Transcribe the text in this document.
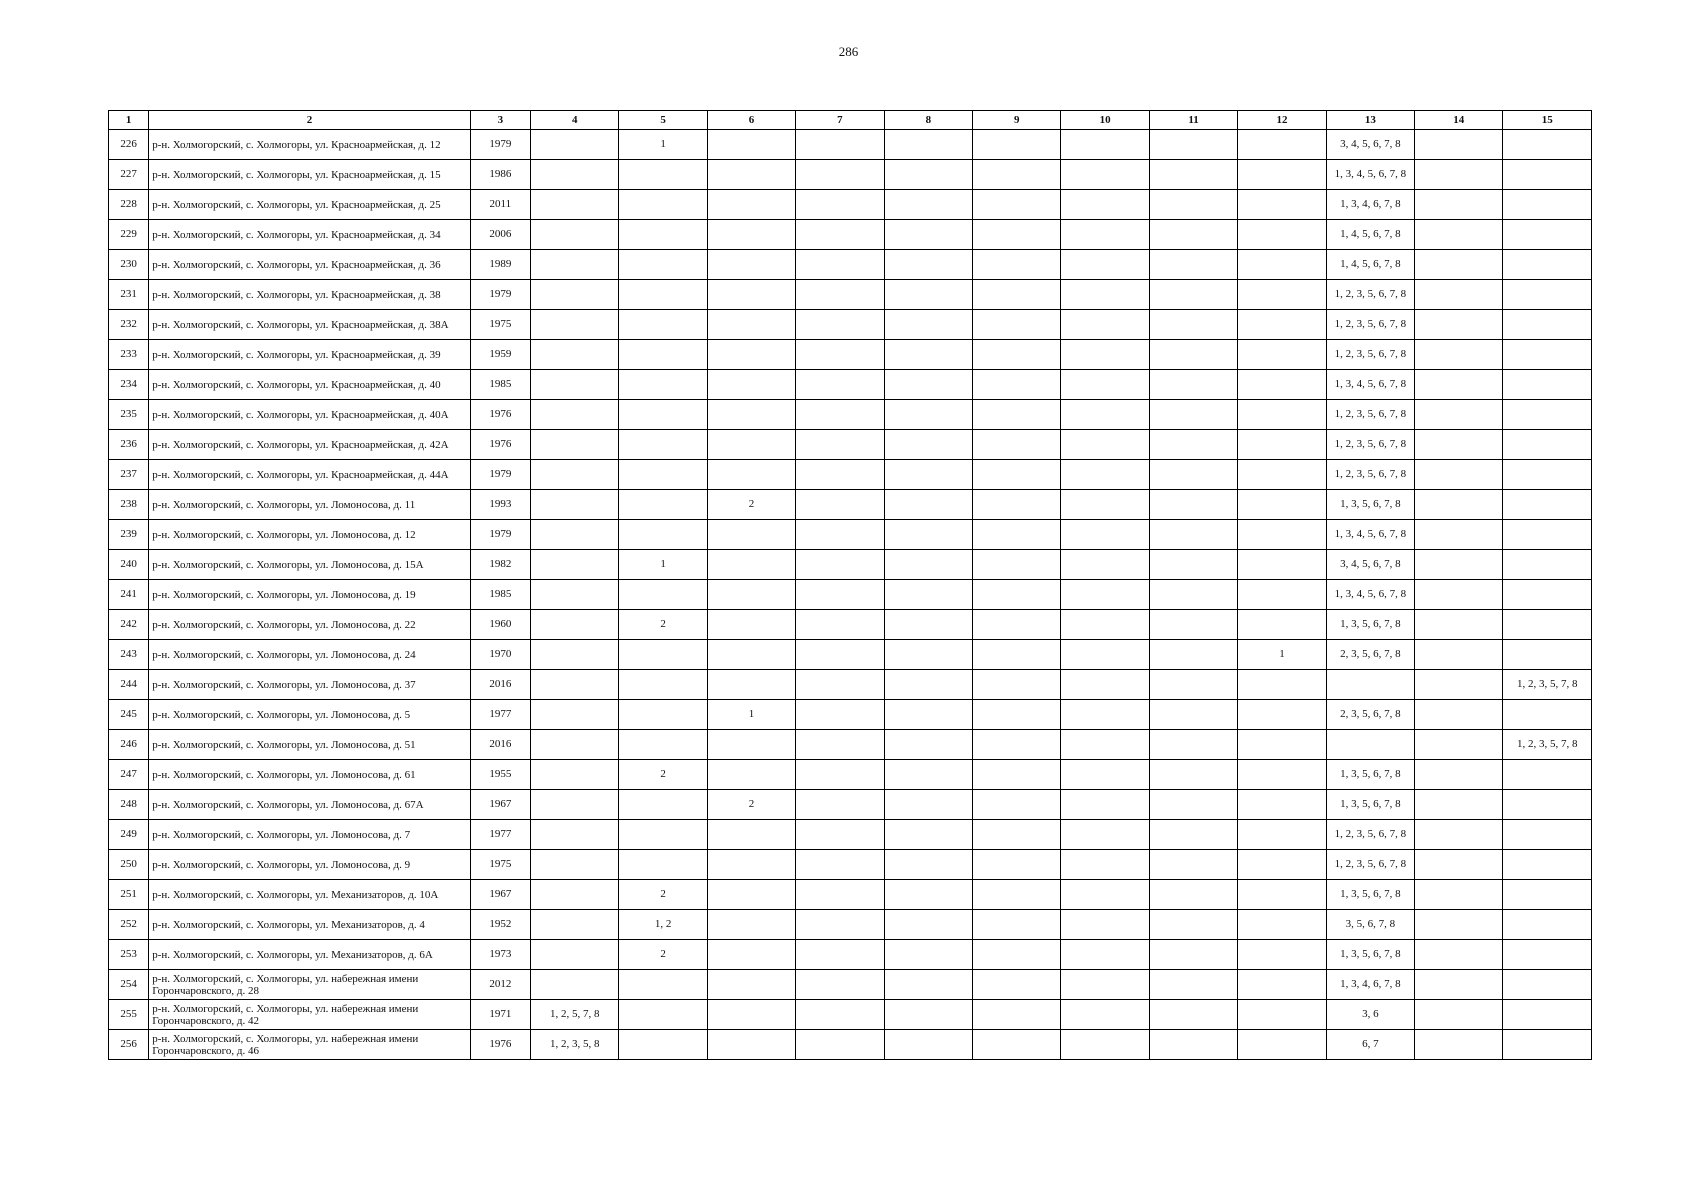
286
1	2	3	4	5	6	7	8	9	10	11	12	13	14	15
226	р-н. Холмогорский, с. Холмогоры, ул. Красноармейская, д. 12	1979		1								3, 4, 5, 6, 7, 8		
227	р-н. Холмогорский, с. Холмогоры, ул. Красноармейская, д. 15	1986										1, 3, 4, 5, 6, 7, 8		
228	р-н. Холмогорский, с. Холмогоры, ул. Красноармейская, д. 25	2011										1, 3, 4, 6, 7, 8		
229	р-н. Холмогорский, с. Холмогоры, ул. Красноармейская, д. 34	2006										1, 4, 5, 6, 7, 8		
230	р-н. Холмогорский, с. Холмогоры, ул. Красноармейская, д. 36	1989										1, 4, 5, 6, 7, 8		
231	р-н. Холмогорский, с. Холмогоры, ул. Красноармейская, д. 38	1979										1, 2, 3, 5, 6, 7, 8		
232	р-н. Холмогорский, с. Холмогоры, ул. Красноармейская, д. 38А	1975										1, 2, 3, 5, 6, 7, 8		
233	р-н. Холмогорский, с. Холмогоры, ул. Красноармейская, д. 39	1959										1, 2, 3, 5, 6, 7, 8		
234	р-н. Холмогорский, с. Холмогоры, ул. Красноармейская, д. 40	1985										1, 3, 4, 5, 6, 7, 8		
235	р-н. Холмогорский, с. Холмогоры, ул. Красноармейская, д. 40А	1976										1, 2, 3, 5, 6, 7, 8		
236	р-н. Холмогорский, с. Холмогоры, ул. Красноармейская, д. 42А	1976										1, 2, 3, 5, 6, 7, 8		
237	р-н. Холмогорский, с. Холмогоры, ул. Красноармейская, д. 44А	1979										1, 2, 3, 5, 6, 7, 8		
238	р-н. Холмогорский, с. Холмогоры, ул. Ломоносова, д. 11	1993			2							1, 3, 5, 6, 7, 8		
239	р-н. Холмогорский, с. Холмогоры, ул. Ломоносова, д. 12	1979										1, 3, 4, 5, 6, 7, 8		
240	р-н. Холмогорский, с. Холмогоры, ул. Ломоносова, д. 15А	1982		1								3, 4, 5, 6, 7, 8		
241	р-н. Холмогорский, с. Холмогоры, ул. Ломоносова, д. 19	1985										1, 3, 4, 5, 6, 7, 8		
242	р-н. Холмогорский, с. Холмогоры, ул. Ломоносова, д. 22	1960		2								1, 3, 5, 6, 7, 8		
243	р-н. Холмогорский, с. Холмогоры, ул. Ломоносова, д. 24	1970									1	2, 3, 5, 6, 7, 8		
244	р-н. Холмогорский, с. Холмогоры, ул. Ломоносова, д. 37	2016												1, 2, 3, 5, 7, 8
245	р-н. Холмогорский, с. Холмогоры, ул. Ломоносова, д. 5	1977			1							2, 3, 5, 6, 7, 8		
246	р-н. Холмогорский, с. Холмогоры, ул. Ломоносова, д. 51	2016												1, 2, 3, 5, 7, 8
247	р-н. Холмогорский, с. Холмогоры, ул. Ломоносова, д. 61	1955		2								1, 3, 5, 6, 7, 8		
248	р-н. Холмогорский, с. Холмогоры, ул. Ломоносова, д. 67А	1967			2							1, 3, 5, 6, 7, 8		
249	р-н. Холмогорский, с. Холмогоры, ул. Ломоносова, д. 7	1977										1, 2, 3, 5, 6, 7, 8		
250	р-н. Холмогорский, с. Холмогоры, ул. Ломоносова, д. 9	1975										1, 2, 3, 5, 6, 7, 8		
251	р-н. Холмогорский, с. Холмогоры, ул. Механизаторов, д. 10А	1967		2								1, 3, 5, 6, 7, 8		
252	р-н. Холмогорский, с. Холмогоры, ул. Механизаторов, д. 4	1952		1, 2								3, 5, 6, 7, 8		
253	р-н. Холмогорский, с. Холмогоры, ул. Механизаторов, д. 6А	1973		2								1, 3, 5, 6, 7, 8		
254	р-н. Холмогорский, с. Холмогоры, ул. набережная имени Горончаровского, д. 28	2012										1, 3, 4, 6, 7, 8		
255	р-н. Холмогорский, с. Холмогоры, ул. набережная имени Горончаровского, д. 42	1971	1, 2, 5, 7, 8									3, 6		
256	р-н. Холмогорский, с. Холмогоры, ул. набережная имени Горончаровского, д. 46	1976	1, 2, 3, 5, 8									6, 7		
